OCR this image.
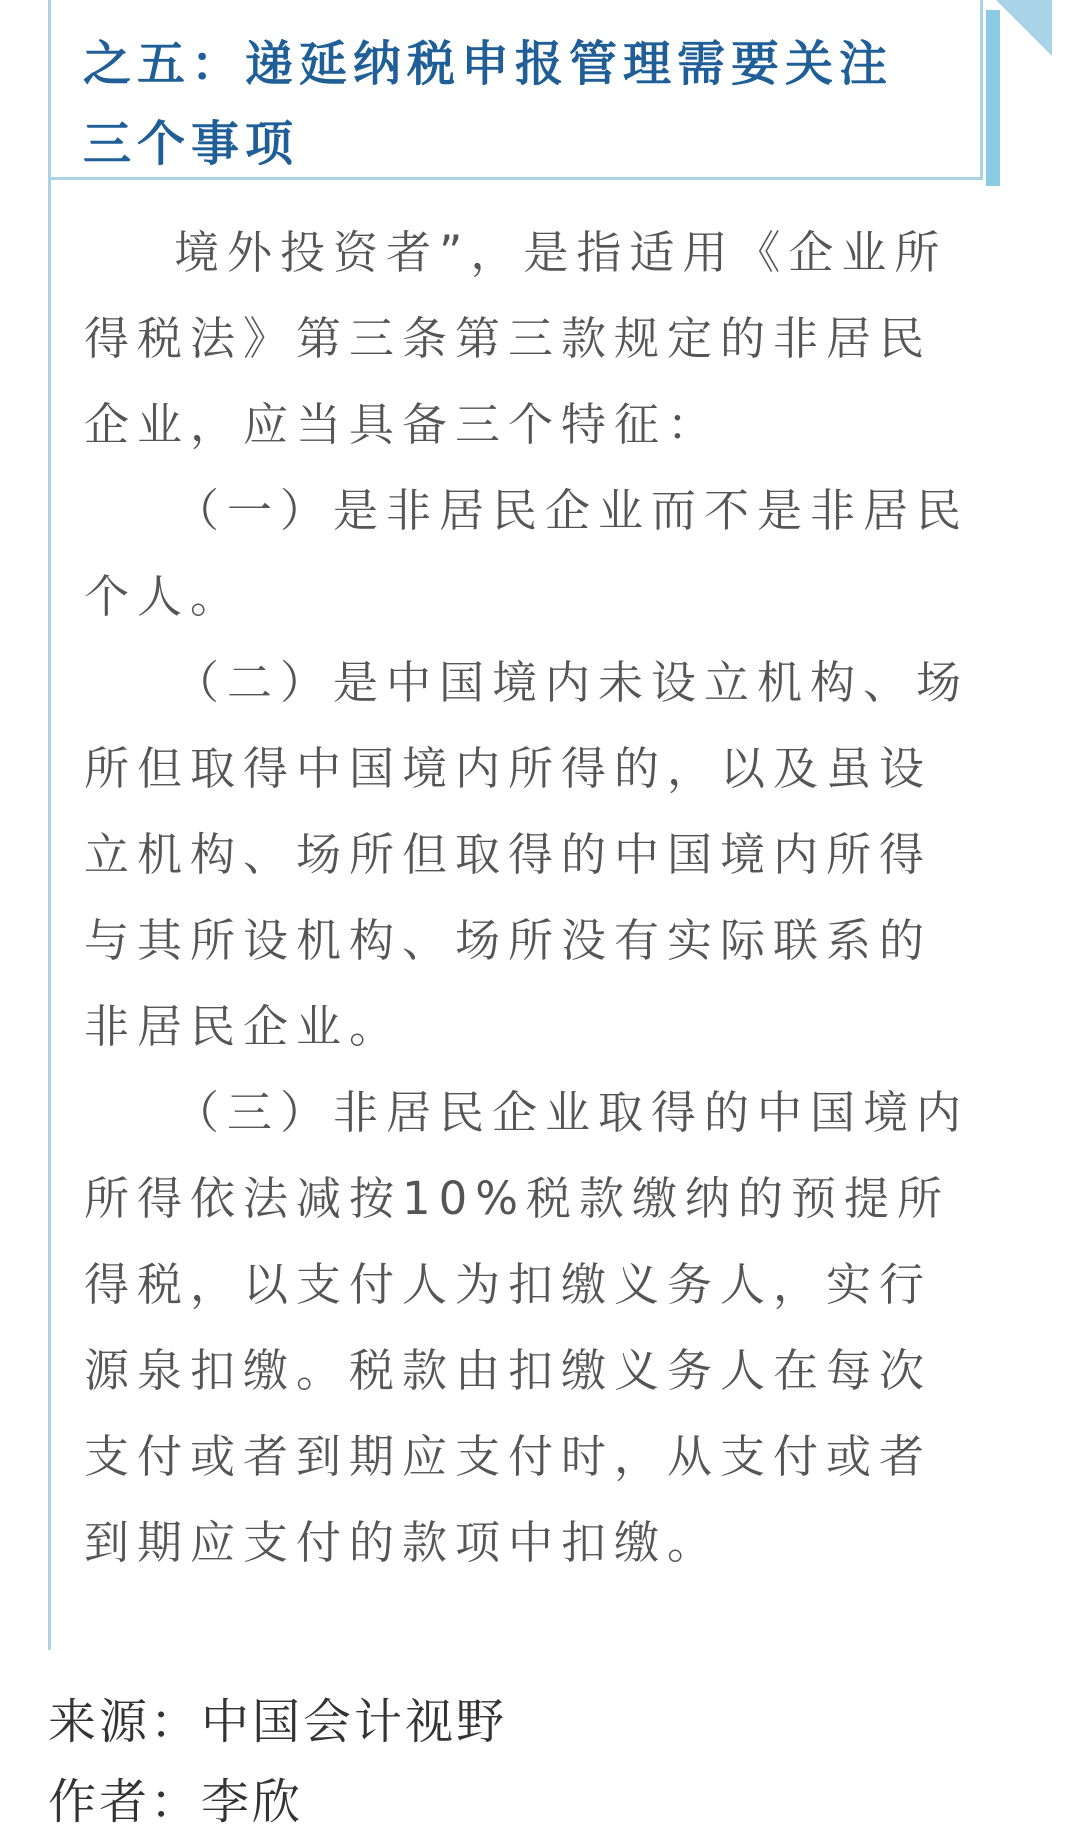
之五：递延纳税申报管理需要关注三个事项

境外投资者”，是指适用《企业所得税法》第三条第三款规定的非居民企业，应当具备三个特征：

（一）是非居民企业而不是非居民个人。

（二）是中国境内未设立机构、场所但取得中国境内所得的，以及虽设立机构、场所但取得的中国境内所得与其所设机构、场所没有实际联系的非居民企业。

（三）非居民企业取得的中国境内所得依法减按10%税款缴纳的预提所得税，以支付人为扣缴义务人，实行源泉扣缴。税款由扣缴义务人在每次支付或者到期应支付时，从支付或者到期应支付的款项中扣缴。

来源：中国会计视野
作者：李欣
